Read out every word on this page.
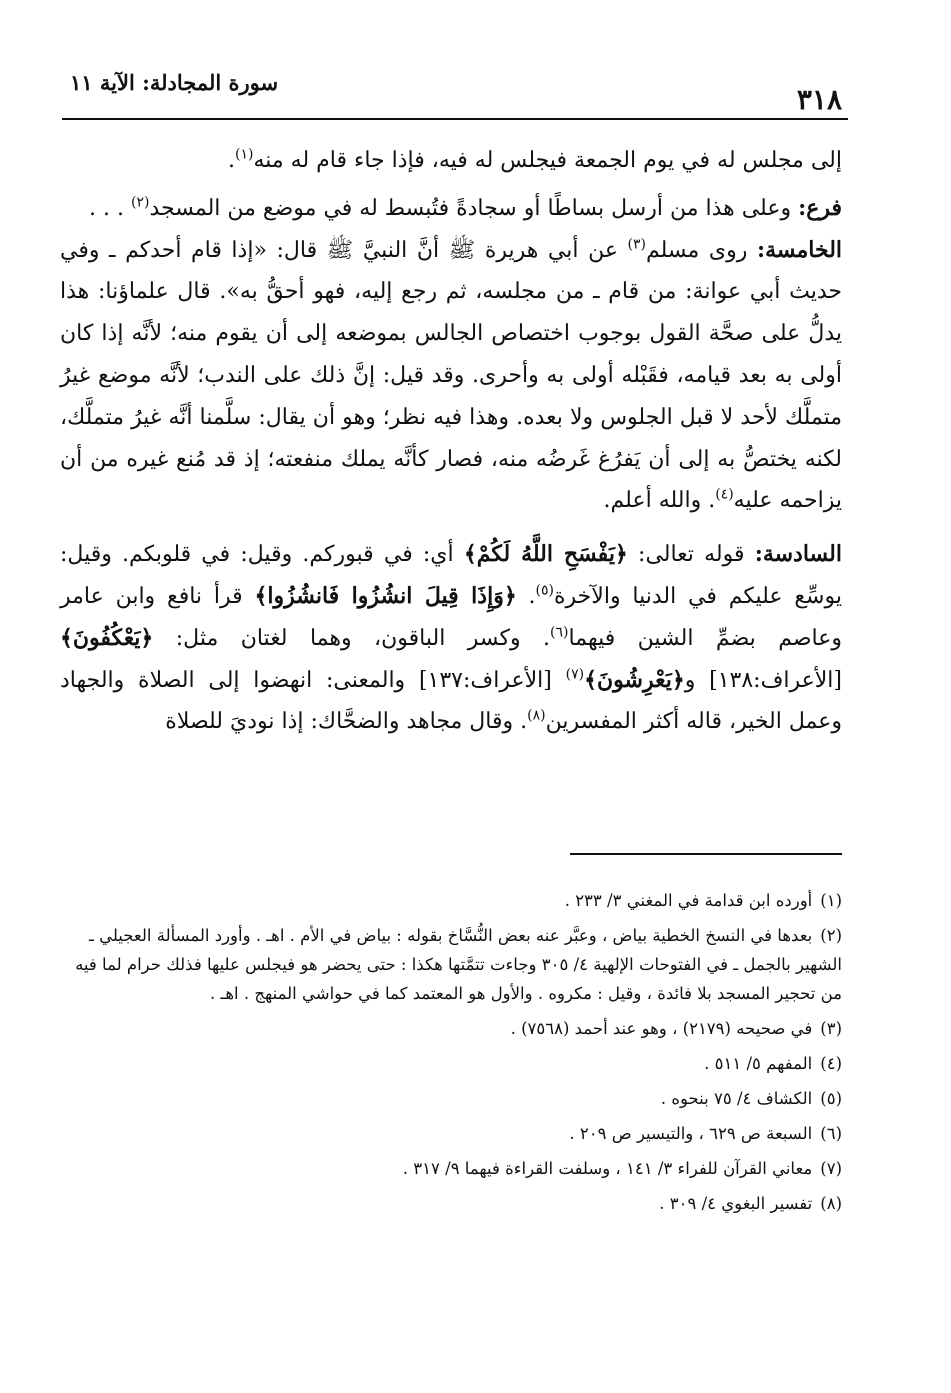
٣١٨
سورة المجادلة: الآية ١١

إلى مجلس له في يوم الجمعة فيجلس له فيه، فإذا جاء قام له منه$^{(١)}$.

فرع: وعلى هذا من أرسل بساطًا أو سجادةً فتُبسط له في موضع من المسجد$^{(٢)}$ . . .

الخامسة: روى مسلم$^{(٣)}$ عن أبي هريرة ﷺ أنَّ النبيَّ ﷺ قال: «إذا قام أحدكم ـ وفي حديث أبي عوانة: من قام ـ من مجلسه، ثم رجع إليه، فهو أحقُّ به». قال علماؤنا: هذا يدلُّ على صحَّة القول بوجوب اختصاص الجالس بموضعه إلى أن يقوم منه؛ لأنَّه إذا كان أولى به بعد قيامه، فقَبْله أولى به وأحرى. وقد قيل: إنَّ ذلك على الندب؛ لأنَّه موضع غيرُ متملَّك لأحد لا قبل الجلوس ولا بعده. وهذا فيه نظر؛ وهو أن يقال: سلَّمنا أنَّه غيرُ متملَّك، لكنه يختصُّ به إلى أن يَفرُغ غَرضُه منه، فصار كأنَّه يملك منفعته؛ إذ قد مُنع غيره من أن يزاحمه عليه$^{(٤)}$. والله أعلم.

السادسة: قوله تعالى: ﴿يَفْسَحِ اللَّهُ لَكُمْ﴾ أي: في قبوركم. وقيل: في قلوبكم. وقيل: يوسِّع عليكم في الدنيا والآخرة$^{(٥)}$. ﴿وَإِذَا قِيلَ انشُزُوا فَانشُزُوا﴾ قرأ نافع وابن عامر وعاصم بضمِّ الشين فيهما$^{(٦)}$. وكسر الباقون، وهما لغتان مثل: ﴿يَعْكُفُونَ﴾ [الأعراف:١٣٨] و﴿يَعْرِشُونَ﴾$^{(٧)}$ [الأعراف:١٣٧] والمعنى: انهضوا إلى الصلاة والجهاد وعمل الخير، قاله أكثر المفسرين$^{(٨)}$. وقال مجاهد والضحَّاك: إذا نوديَ للصلاة

(١)أورده ابن قدامة في المغني ٣/ ٢٣٣ .

(٢)بعدها في النسخ الخطية بياض ، وعبَّر عنه بعض النُّسَّاخ بقوله : بياض في الأم . اهـ . وأورد المسألة العجيلي ـ الشهير بالجمل ـ في الفتوحات الإلهية ٤/ ٣٠٥ وجاءت تتمَّتها هكذا : حتى يحضر هو فيجلس عليها فذلك حرام لما فيه من تحجير المسجد بلا فائدة ، وقيل : مكروه . والأول هو المعتمد كما في حواشي المنهج . اهـ .

(٣)في صحيحه (٢١٧٩) ، وهو عند أحمد (٧٥٦٨) .

(٤)المفهم ٥/ ٥١١ .

(٥)الكشاف ٤/ ٧٥ بنحوه .

(٦)السبعة ص ٦٢٩ ، والتيسير ص ٢٠٩ .

(٧)معاني القرآن للفراء ٣/ ١٤١ ، وسلفت القراءة فيهما ٩/ ٣١٧ .

(٨)تفسير البغوي ٤/ ٣٠٩ .
